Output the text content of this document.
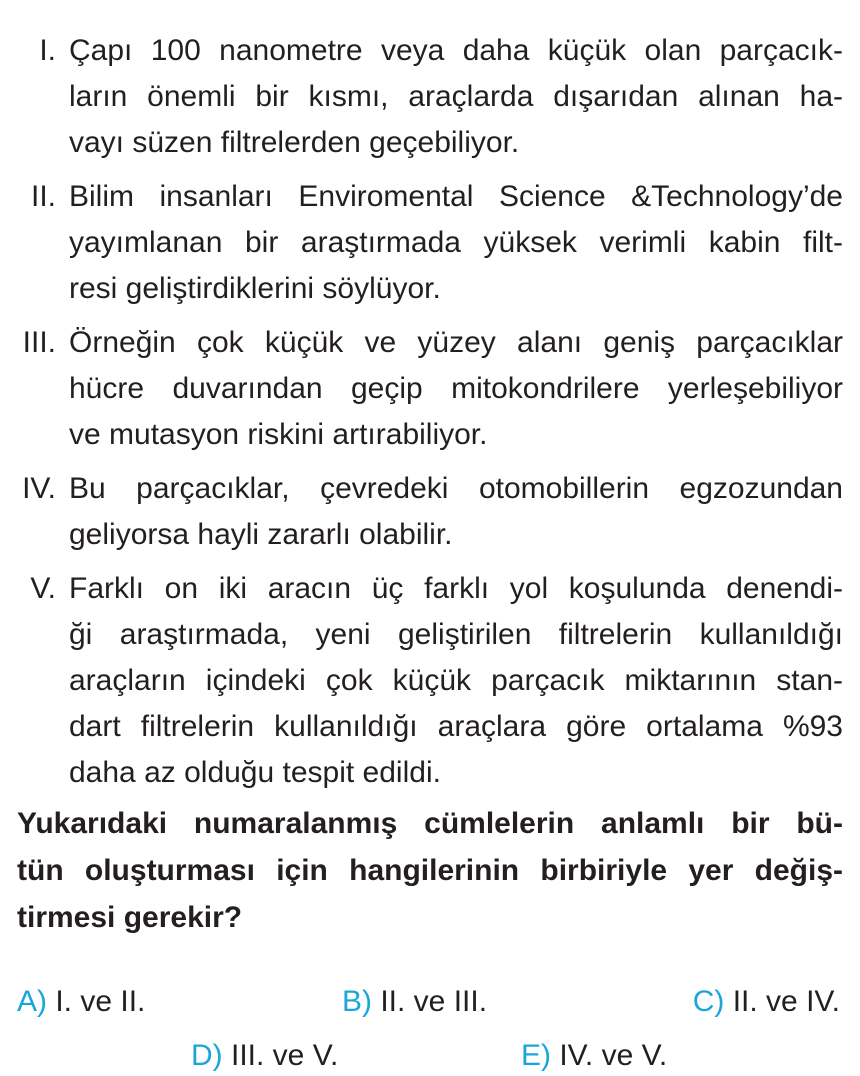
I. Çapı 100 nanometre veya daha küçük olan parçacık-
ların önemli bir kısmı, araçlarda dışarıdan alınan ha-
vayı süzen filtrelerden geçebiliyor.
II. Bilim insanları Enviromental Science &Technology’de
yayımlanan bir araştırmada yüksek verimli kabin filt-
resi geliştirdiklerini söylüyor.
III. Örneğin çok küçük ve yüzey alanı geniş parçacıklar
hücre duvarından geçip mitokondrilere yerleşebiliyor
ve mutasyon riskini artırabiliyor.
IV. Bu parçacıklar, çevredeki otomobillerin egzozundan
geliyorsa hayli zararlı olabilir.
V. Farklı on iki aracın üç farklı yol koşulunda denendi-
ği araştırmada, yeni geliştirilen filtrelerin kullanıldığı
araçların içindeki çok küçük parçacık miktarının stan-
dart filtrelerin kullanıldığı araçlara göre ortalama %93
daha az olduğu tespit edildi.
Yukarıdaki numaralanmış cümlelerin anlamlı bir bü-
tün oluşturması için hangilerinin birbiriyle yer değiş-
tirmesi gerekir?
A) I. ve II.	B) II. ve III.	C) II. ve IV.
D) III. ve V.	E) IV. ve V.
